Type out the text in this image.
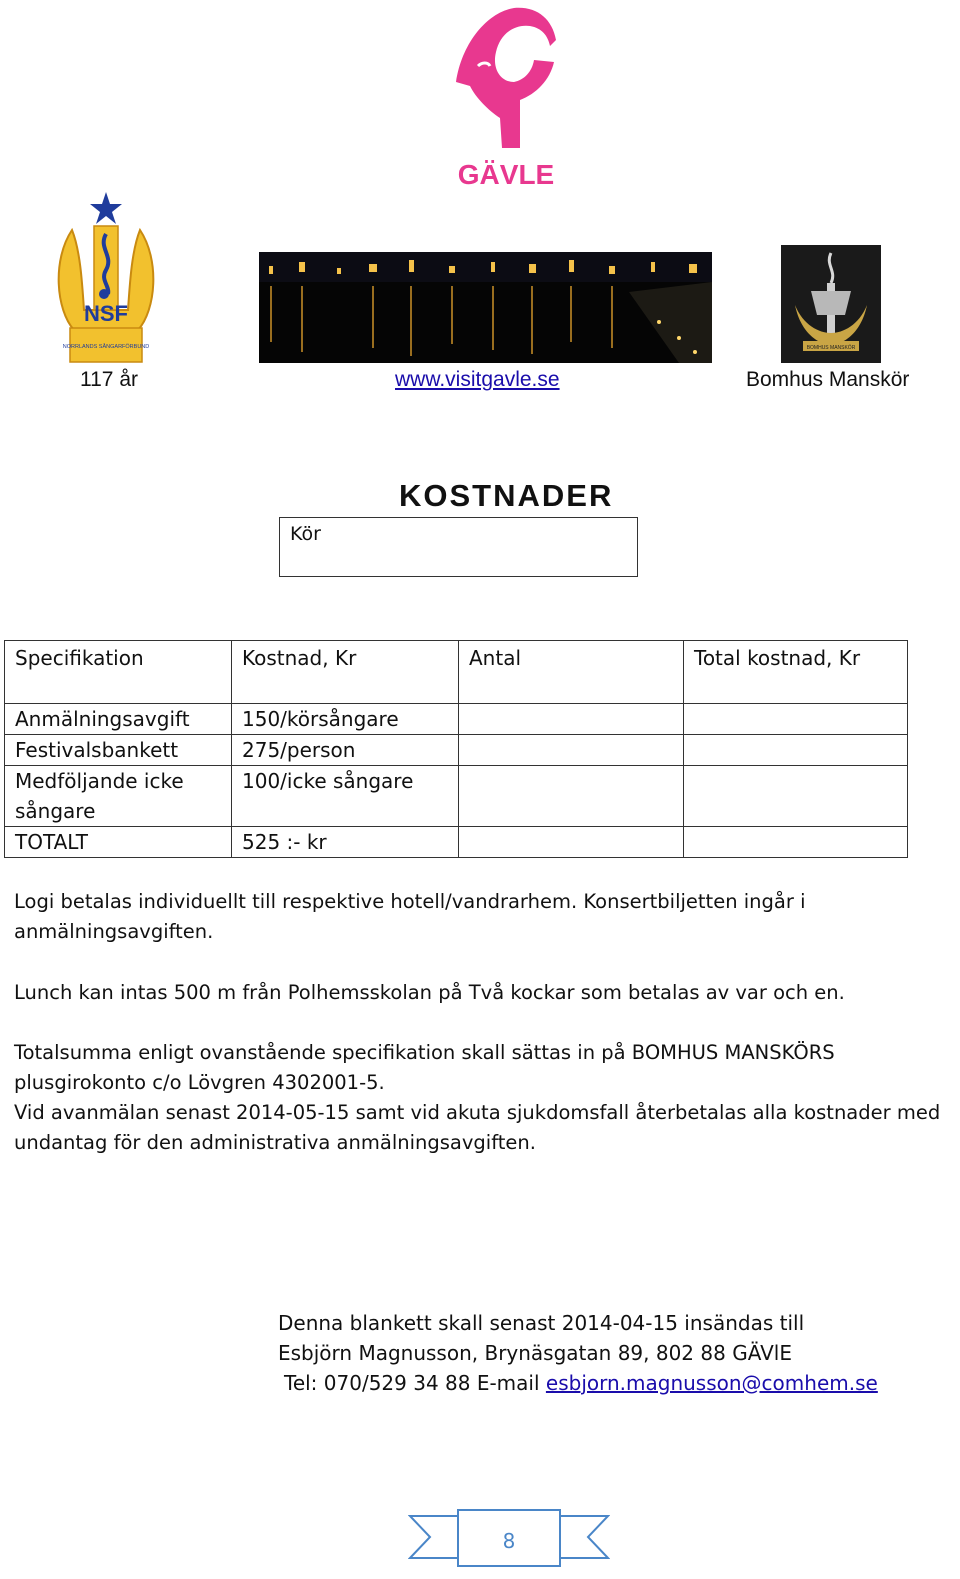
GÄVLE
NSF
NORRLANDS SÅNGARFÖRBUND	BOMHUS MANSKÖR
117 år	www.visitgavle.se	Bomhus Manskör
KOSTNADER
Kör
Specifikation	Kostnad, Kr	Antal	Total kostnad, Kr
Anmälningsavgift	150/körsångare		
Festivalsbankett	275/person		
Medföljande icke sångare	100/icke sångare		
TOTALT	525 :- kr		
Logi betalas individuellt till respektive hotell/vandrarhem. Konsertbiljetten ingår i anmälningsavgiften.
Lunch kan intas 500 m från Polhemsskolan på Två kockar som betalas av var och en.
Totalsumma enligt ovanstående specifikation skall sättas in på BOMHUS MANSKÖRS plusgirokonto c/o Lövgren 4302001-5.
Vid avanmälan senast 2014-05-15 samt vid akuta sjukdomsfall återbetalas alla kostnader med undantag för den administrativa anmälningsavgiften.
Denna blankett skall senast 2014-04-15 insändas till
Esbjörn Magnusson, Brynäsgatan 89, 802 88 GÄVlE
Tel: 070/529 34 88 E-mail esbjorn.magnusson@comhem.se
8
